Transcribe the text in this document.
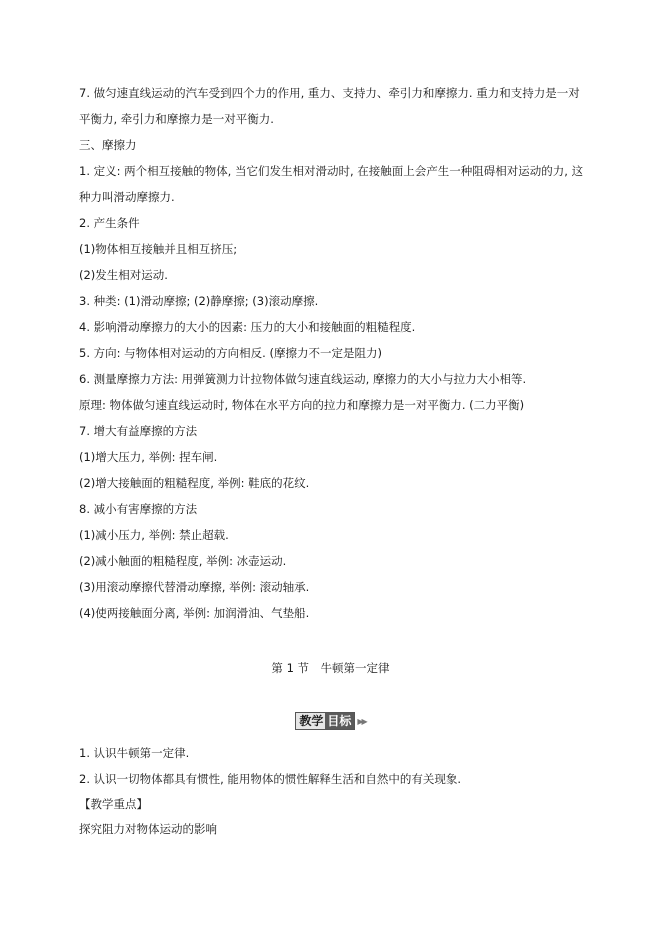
7. 做匀速直线运动的汽车受到四个力的作用, 重力、支持力、牵引力和摩擦力. 重力和支持力是一对
平衡力, 牵引力和摩擦力是一对平衡力.
三、摩擦力
1. 定义: 两个相互接触的物体, 当它们发生相对滑动时, 在接触面上会产生一种阻碍相对运动的力, 这
种力叫滑动摩擦力.
2. 产生条件
(1)物体相互接触并且相互挤压;
(2)发生相对运动.
3. 种类: (1)滑动摩擦; (2)静摩擦; (3)滚动摩擦.
4. 影响滑动摩擦力的大小的因素: 压力的大小和接触面的粗糙程度.
5. 方向: 与物体相对运动的方向相反. (摩擦力不一定是阻力)
6. 测量摩擦力方法: 用弹簧测力计拉物体做匀速直线运动, 摩擦力的大小与拉力大小相等.
原理: 物体做匀速直线运动时, 物体在水平方向的拉力和摩擦力是一对平衡力. (二力平衡)
7. 增大有益摩擦的方法
(1)增大压力, 举例: 捏车闸.
(2)增大接触面的粗糙程度, 举例: 鞋底的花纹.
8. 减小有害摩擦的方法
(1)减小压力, 举例: 禁止超载.
(2)减小触面的粗糙程度, 举例: 冰壶运动.
(3)用滚动摩擦代替滑动摩擦, 举例: 滚动轴承.
(4)使两接触面分离, 举例: 加润滑油、气垫船.
第 1 节　牛顿第一定律
教学 目标 ▶▶
1. 认识牛顿第一定律.
2. 认识一切物体都具有惯性, 能用物体的惯性解释生活和自然中的有关现象.
【教学重点】
探究阻力对物体运动的影响
